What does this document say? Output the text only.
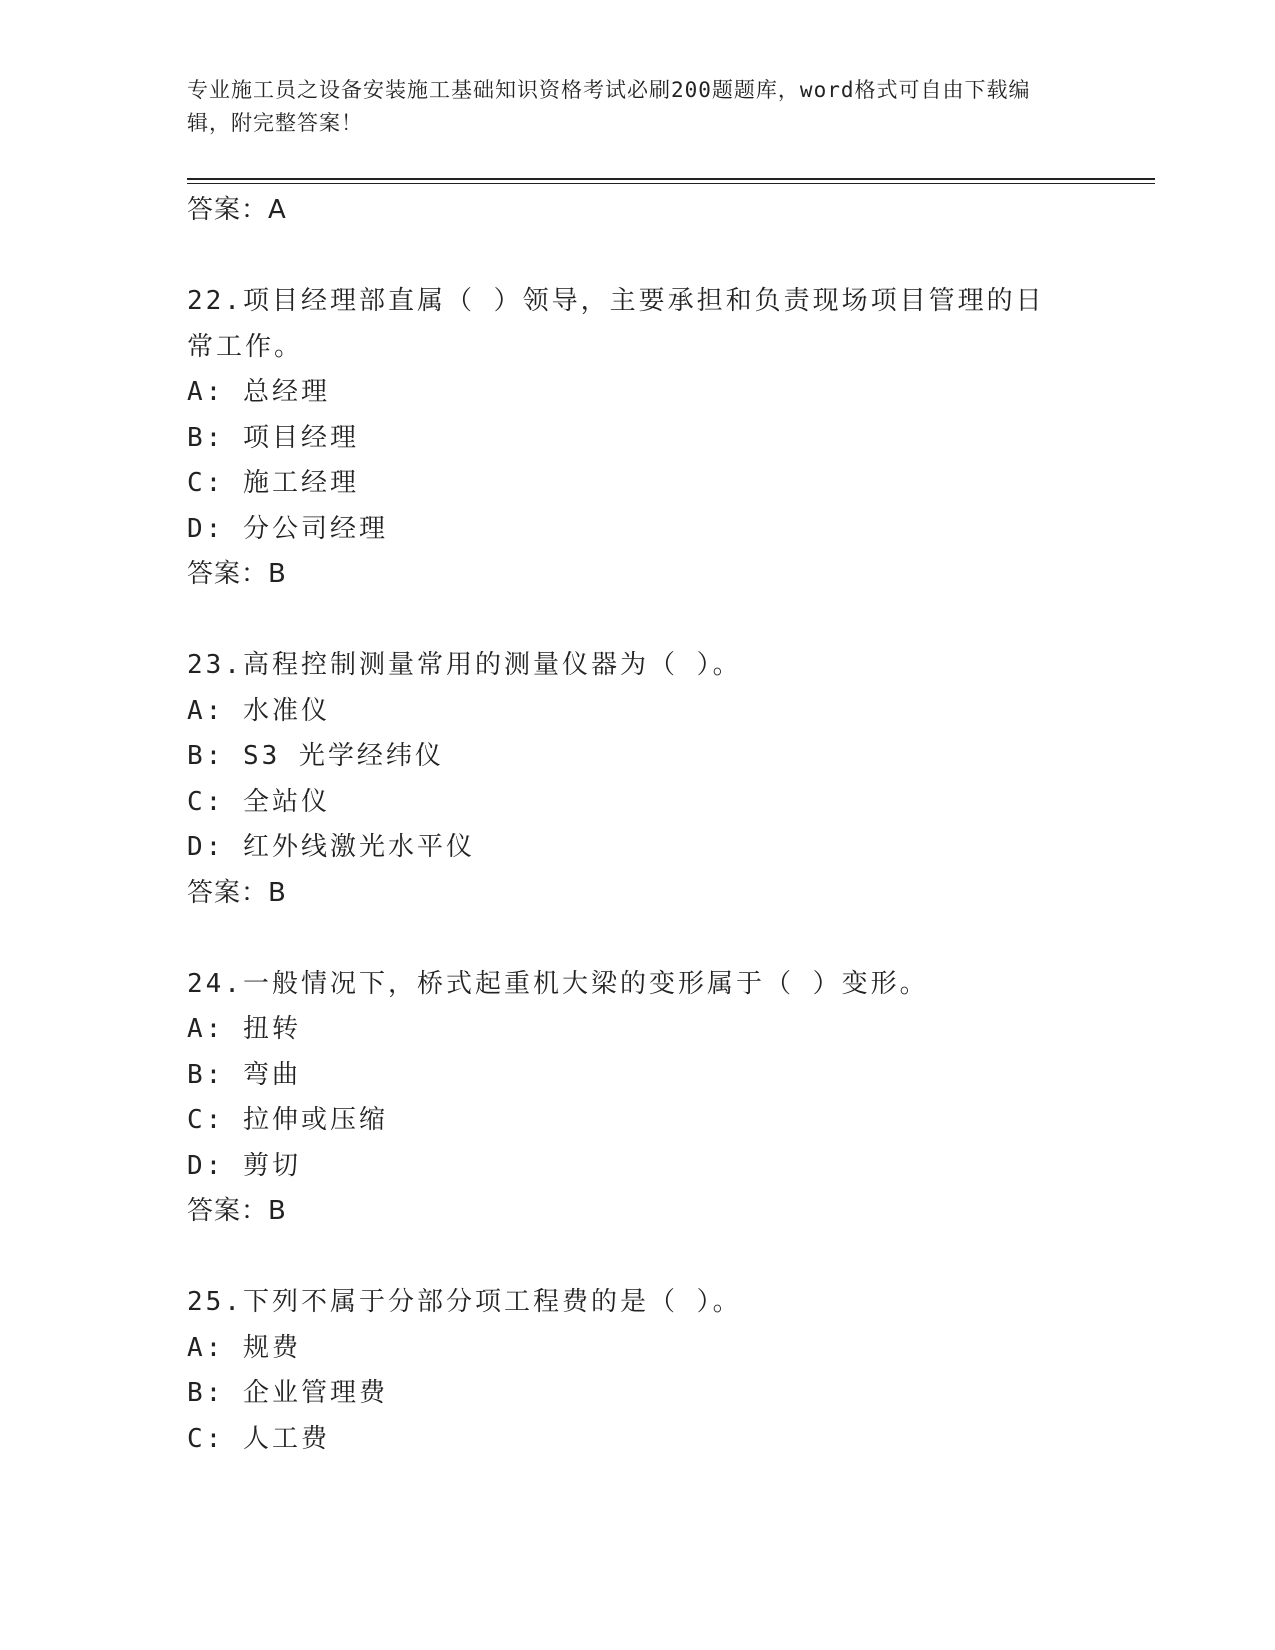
专业施工员之设备安装施工基础知识资格考试必刷200题题库，word格式可自由下载编辑，附完整答案！
答案：A
22.项目经理部直属（ ）领导，主要承担和负责现场项目管理的日常工作。
A: 总经理
B: 项目经理
C: 施工经理
D: 分公司经理
答案：B
23.高程控制测量常用的测量仪器为（ ）。
A: 水准仪
B: S3 光学经纬仪
C: 全站仪
D: 红外线激光水平仪
答案：B
24.一般情况下，桥式起重机大梁的变形属于（ ）变形。
A: 扭转
B: 弯曲
C: 拉伸或压缩
D: 剪切
答案：B
25.下列不属于分部分项工程费的是（ ）。
A: 规费
B: 企业管理费
C: 人工费
